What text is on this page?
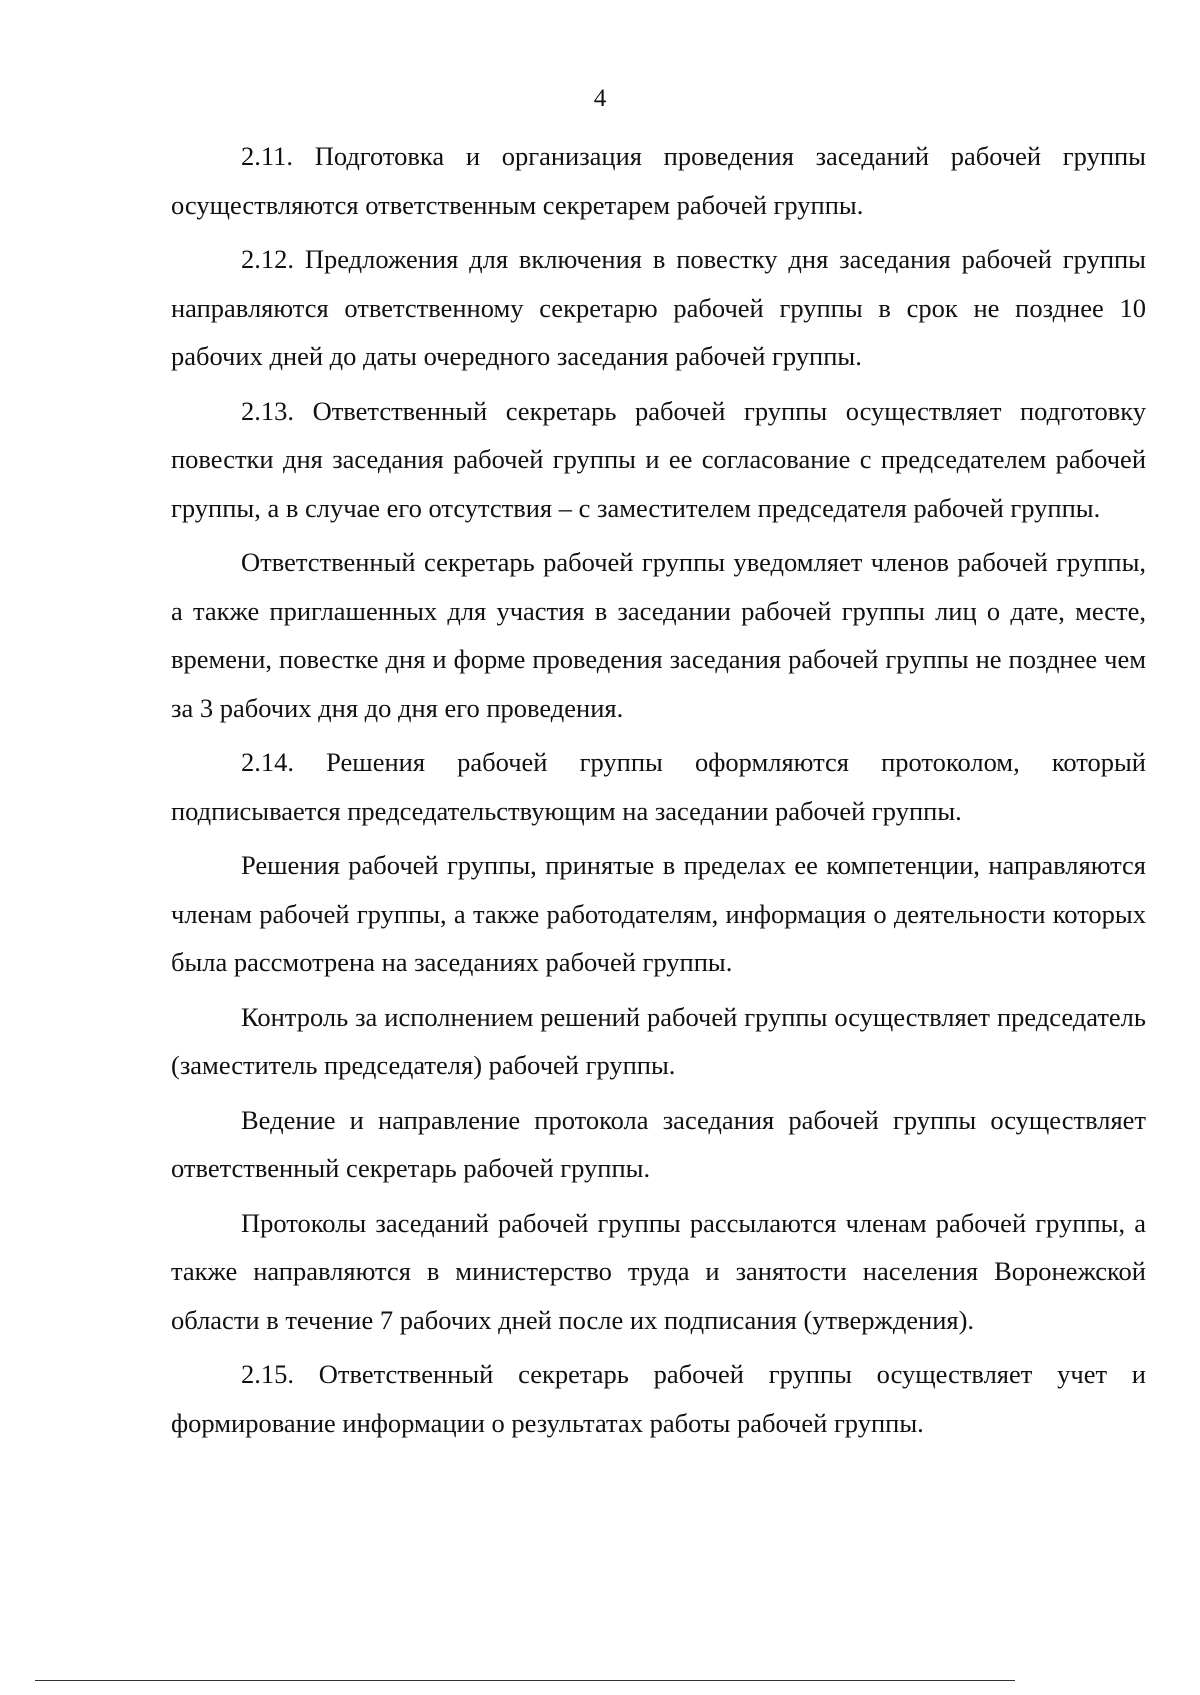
4

2.11. Подготовка и организация проведения заседаний рабочей группы осуществляются ответственным секретарем рабочей группы.

2.12. Предложения для включения в повестку дня заседания рабочей группы направляются ответственному секретарю рабочей группы в срок не позднее 10 рабочих дней до даты очередного заседания рабочей группы.

2.13. Ответственный секретарь рабочей группы осуществляет подготовку повестки дня заседания рабочей группы и ее согласование с председателем рабочей группы, а в случае его отсутствия – с заместителем председателя рабочей группы.

Ответственный секретарь рабочей группы уведомляет членов рабочей группы, а также приглашенных для участия в заседании рабочей группы лиц о дате, месте, времени, повестке дня и форме проведения заседания рабочей группы не позднее чем за 3 рабочих дня до дня его проведения.

2.14. Решения рабочей группы оформляются протоколом, который подписывается председательствующим на заседании рабочей группы.

Решения рабочей группы, принятые в пределах ее компетенции, направляются членам рабочей группы, а также работодателям, информация о деятельности которых была рассмотрена на заседаниях рабочей группы.

Контроль за исполнением решений рабочей группы осуществляет председатель (заместитель председателя) рабочей группы.

Ведение и направление протокола заседания рабочей группы осуществляет ответственный секретарь рабочей группы.

Протоколы заседаний рабочей группы рассылаются членам рабочей группы, а также направляются в министерство труда и занятости населения Воронежской области в течение 7 рабочих дней после их подписания (утверждения).

2.15. Ответственный секретарь рабочей группы осуществляет учет и формирование информации о результатах работы рабочей группы.
